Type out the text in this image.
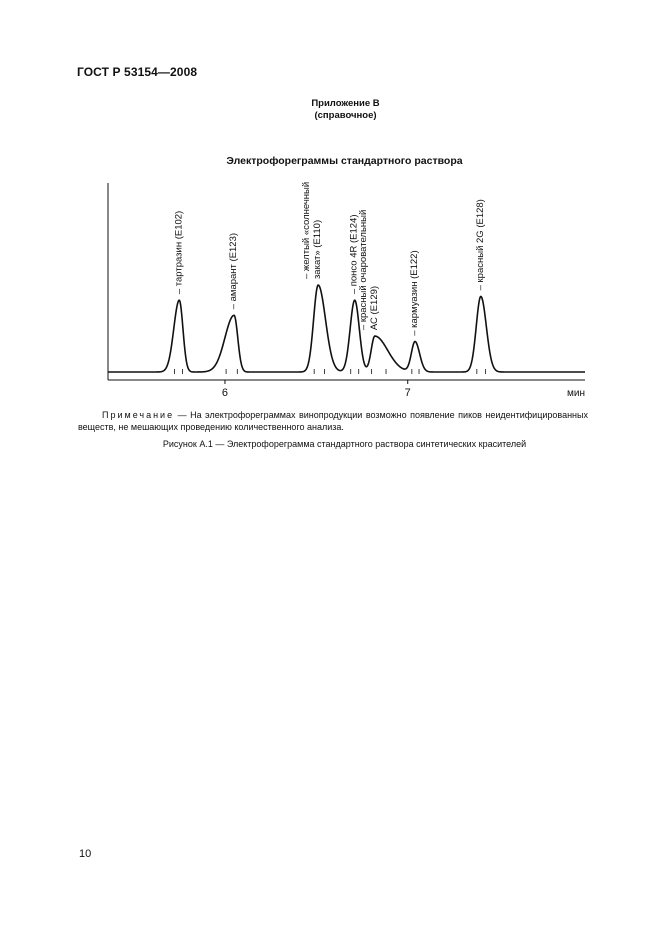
ГОСТ Р 53154—2008
Приложение В
(справочное)
Электрофореграммы стандартного раствора
6	7	мин
– тартразин (Е102)	– амарант (Е123)	– желтый «солнечный закат» (Е110)	– понсо 4R (Е124)
– красный очаровательный АС (Е129)	– кармуазин (Е122)
– красный 2G (Е128)
Примечание — На электрофореграммах винопродукции возможно появление пиков неидентифицированных веществ, не мешающих проведению количественного анализа.
Рисунок А.1 — Электрофореграмма стандартного раствора синтетических красителей
10
